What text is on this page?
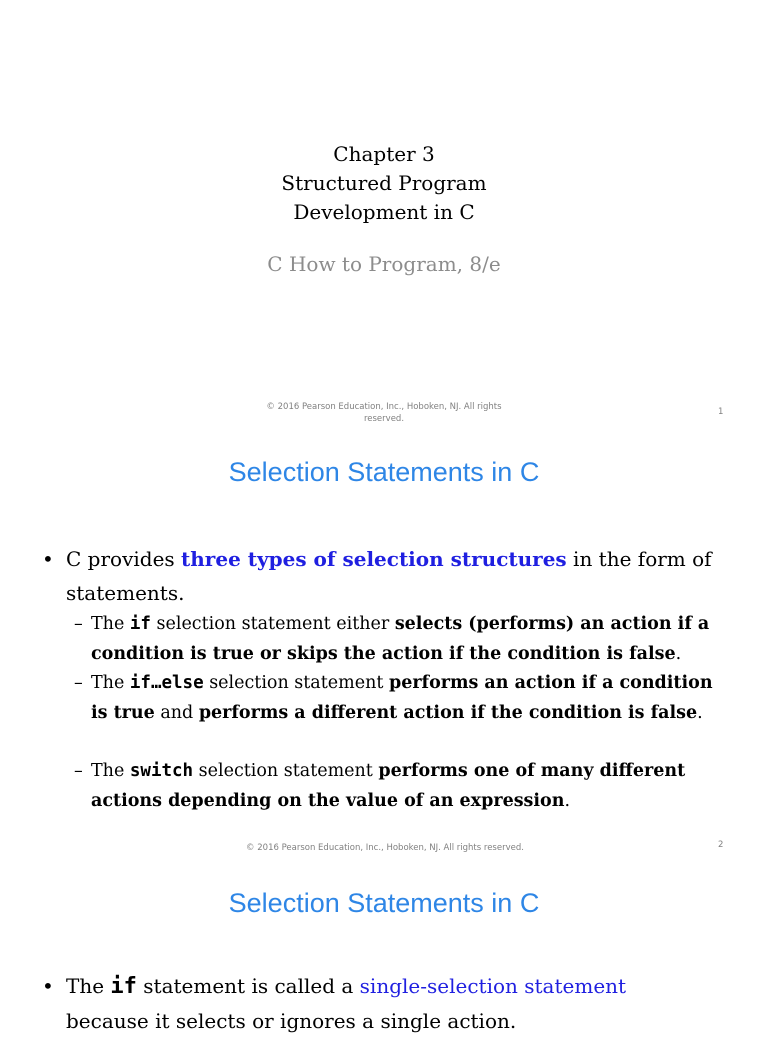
Chapter 3
Structured Program
Development in C
C How to Program, 8/e
© 2016 Pearson Education, Inc., Hoboken, NJ. All rights reserved.
1
Selection Statements in C
• C provides three types of selection structures in the form of statements.
– The if selection statement either selects (performs) an action if a condition is true or skips the action if the condition is false.
– The if…else selection statement performs an action if a condition is true and performs a different action if the condition is false.
– The switch selection statement performs one of many different actions depending on the value of an expression.
© 2016 Pearson Education, Inc., Hoboken, NJ. All rights reserved.	2
Selection Statements in C
• The if statement is called a single-selection statement because it selects or ignores a single action.
